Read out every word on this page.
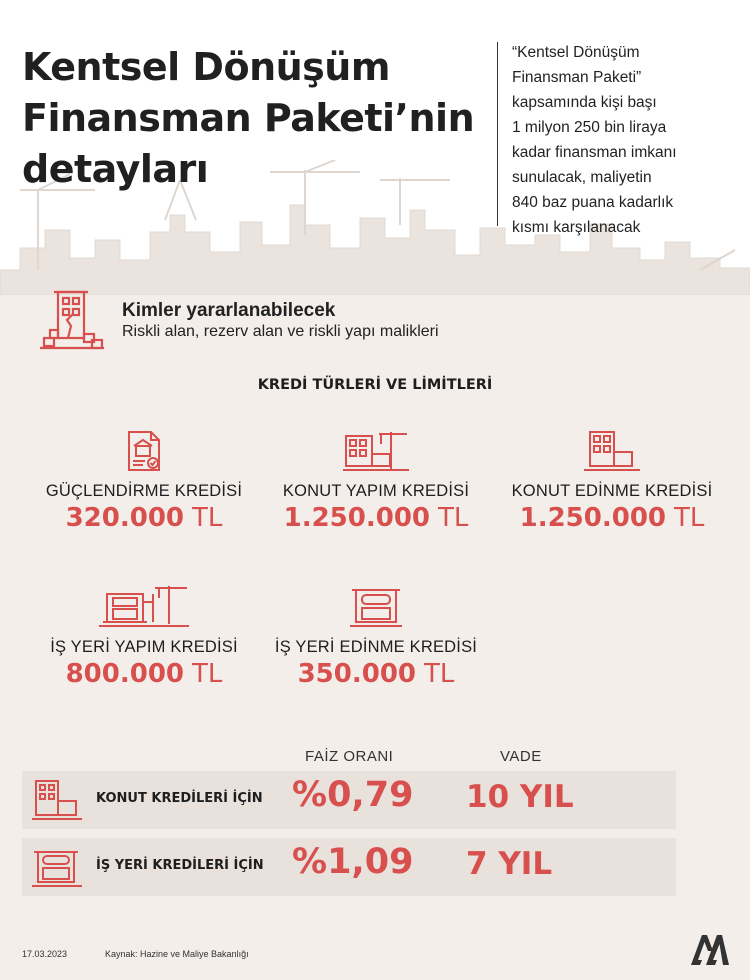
Kentsel Dönüşüm
Finansman Paketi’nin
detayları
“Kentsel Dönüşüm
Finansman Paketi”
kapsamında kişi başı
1 milyon 250 bin liraya
kadar finansman imkanı
sunulacak, maliyetin
840 baz puana kadarlık
kısmı karşılanacak
Kimler yararlanabilecek
Riskli alan, rezerv alan ve riskli yapı malikleri
KREDİ TÜRLERİ VE LİMİTLERİ
GÜÇLENDİRME KREDİSİ
320.000 TL
KONUT YAPIM KREDİSİ
1.250.000 TL
KONUT EDİNME KREDİSİ
1.250.000 TL
İŞ YERİ YAPIM KREDİSİ
800.000 TL
İŞ YERİ EDİNME KREDİSİ
350.000 TL
FAİZ ORANI	VADE
KONUT KREDİLERİ İÇİN %0,79 10 YIL
İŞ YERİ KREDİLERİ İÇİN %1,09 7 YIL
17.03.2023	Kaynak: Hazine ve Maliye Bakanlığı
